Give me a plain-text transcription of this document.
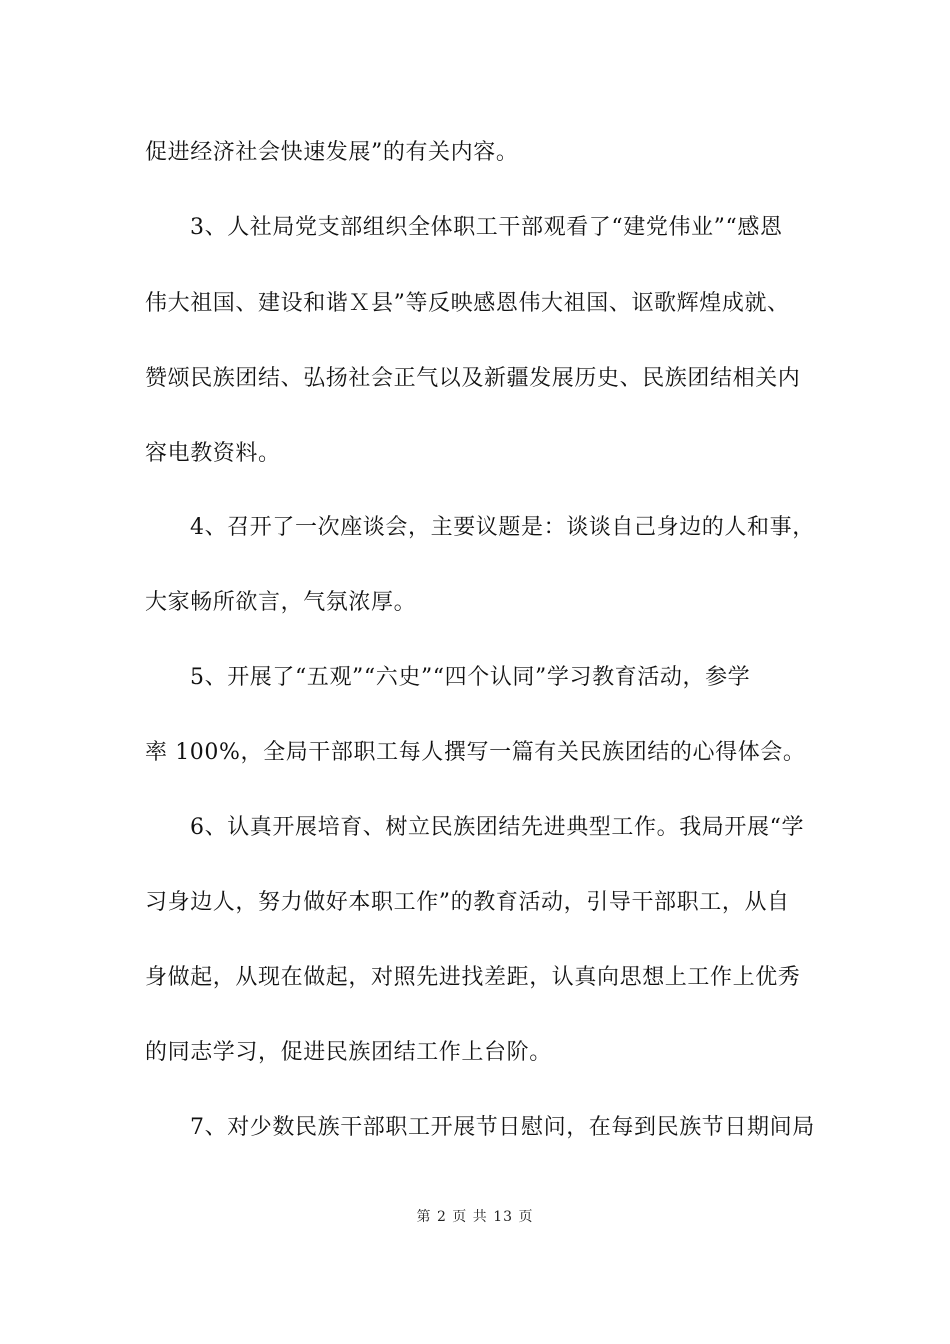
促进经济社会快速发展”的有关内容。
3、人社局党支部组织全体职工干部观看了“建党伟业”“感恩
伟大祖国、建设和谐Ｘ县”等反映感恩伟大祖国、讴歌辉煌成就、
赞颂民族团结、弘扬社会正气以及新疆发展历史、民族团结相关内
容电教资料。
4、召开了一次座谈会，主要议题是：谈谈自己身边的人和事，
大家畅所欲言，气氛浓厚。
5、开展了“五观”“六史”“四个认同”学习教育活动，参学
率 100%，全局干部职工每人撰写一篇有关民族团结的心得体会。
6、认真开展培育、树立民族团结先进典型工作。我局开展“学
习身边人，努力做好本职工作”的教育活动，引导干部职工，从自
身做起，从现在做起，对照先进找差距，认真向思想上工作上优秀
的同志学习，促进民族团结工作上台阶。
7、对少数民族干部职工开展节日慰问，在每到民族节日期间局
第 2 页 共 13 页
